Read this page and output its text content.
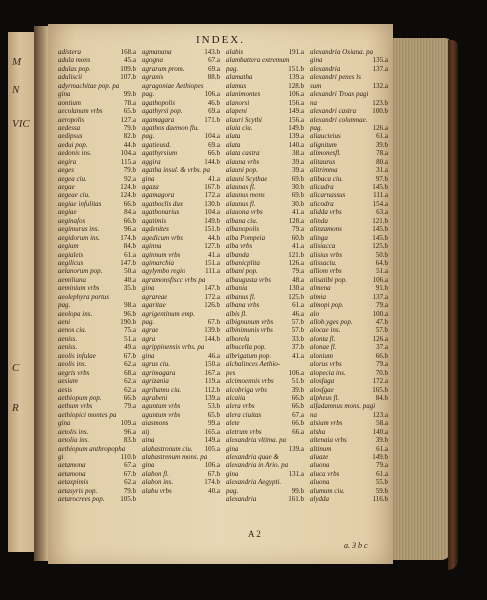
M
N
VIC
C
R
INDEX.
adistera	168.a
adula mons	45.a
adulas pop.	109.b
aduliscii	107.b
adyrmachitae pop. pa
gina	99.b
aontium	78.a
aecolanum vrbs	65.b
aeropolis	127.a
aedessa	79.b
aedipsus	82.b
aedui pop.	44.b
aedonis ins.	104.a
aegira	115.a
aeges	79.b
aegea ciu.	92.a
aegae	124.b
aegeae ciu.	124.b
aegiae infulitas	66.b
aegiae	84.a
aeginafos	66.b
aegimurus ins.	96.a
aegidorum ins.	174.b
aegium	84.b
aegialeis	61.a
aegilicus	147.b
aelanorum pop.	50.a
aemiliana	40.a
aeminium vrbs	35.b
aeolephyra portus
pag.	98.a
aeolopa ins.	96.b
aeni	190.b
aenos ciu.	75.a
aeniss.	51.a
aeniss.	49.a
aeolis infulae	67.b
aeolis ins.	62.a
aegris vrbs	68.a
aesium	62.a
aesis	62.a
aethiopum pop.	66.b
aethum vrbs	79.a
aethiopici montes pa
gina	109.a
aetolis ins.	96.a
aetolia ins.	83.b
aethiopum anthropopha
gi	110.b
aetamona	67.a
aetamona	67.b
aetaxpimis	62.a
aetasyris pop.	79.b
aetarocrees pop. 105.b
agmanana	143.b
agogna	67.a
agrarum prom.	69.a
agranis	88.b
agragoniae Aethiopes
pag.	106.a
agathopolis	46.b
agathyrsi pop.	69.a
agamagara	171.b
agathos daemon flu.
pag.	104.a
agatieusd.	69.a
agathyrsium	66.b
aggira	144.b
agatha insul. & vrbs. pa
gina	41.a
agaza	167.b
agamagora	172.a
agathoclis dux	130.b
agathonarius	104.a
agatimis	149.b
agdenites	151.b
agedicum vrbs	44.b
aginna	127.b
aginnum vrbs	41.a
agimarchia	151.a
agylymbo regio	111.a
agramonsfiscc vrbs pa
gina	147.b
agrareae	172.a
agaritae	126.b
agrigentinum emp.
pag.	67.b
agrae	139.b
agra	144.b
agrippinensis vrbs. pa
gina	46.a
agrus ciu.	150.a
agrimagara	167.a
agrizania	119.a
agrihamu ciu.	112.b
agrabeni	139.a
aguntum vrbs	53.b
aguntum vrbs	65.b
aiasmons	99.a
aij	165.a
aina	149.a
alabastronum ciu. 105.a
alabastrenum mons. pa
gina	106.a
alabon fl.	67.b
alabon ins.	174.b
alabu vrbs	40.a
alabis	191.a
alambattera extremum
pag.	151.b
alamatha	139.a
alamus	128.b
alanimontes	106.a
alanorsi	156.a
alapeni	149.a
alauri Scythi	156.a
alaia ciu.	149.b
alata	139.a
alata	140.a
alata castra	38.a
alauna vrbs	39.a
alauni pop.	39.a
alauni Scythae	69.b
alaunas fl.	30.b
alaunus mons	69.b
alaunus fl.	30.b
alauona vrbs	41.a
albana ciu.	128.a
albanopolis	79.a
alba Pompeia	60.b
alba vrbs	41.a
albanda	121.b
albanicplita	126.a
albani pop.	79.a
albaugusta vrbs	48.a
albania	130.a
albanus fl.	125.b
albana vrbs	61.a
albis fl.	46.a
albignunum vrbs	57.b
albinimunis vrbs	57.b
alborela	33.b
albucella pop.	37.b
albrigatum pop.	41.a
alchalinces Aethio-
pes	106.a
alcimoennis vrbs	51.b
alcobriga vrbs	39.b
alcaiia	66.b
alera vrbs	66.b
alera ciuitas	67.a
alete	66.b
aletrum vrbs	66.a
alexandria vltima. pa
gina	139.a
alexandria quae &
alexandria in Ario. pa
gina	131.a
alexandria Aegypti.
pag.	99.b
alexandria	161.b
alexandria Oxiana. pa
gina	135.a
alexandria	137.a
alexandri penes ls
sum	132.a
alexandri Troas pagi
na	123.b
alexandri castra 100.b
alexandri columnae.
pag.	126.a
aliaucteius	61.a
alignitum	39.b
alimonesfl.	78.a
alitaurus	80.a
alitrimma	31.a
alibaca ciu.	97.b
alicadra	145.b
alicarnassus	111.a
alicodra	154.a
alidda vrbs	63.a
alinda	121.b
alinzamons	145.b
alinga	145.b
alisiacca	125.b
alisius vrbs	50.b
alissaciu.	64.b
alliom vrbs	51.a
alisatibi pop.	106.a
almena	91.b
almia	137.a
almopi pop.	79.a
alo	100.a
allob.yges pop.	47.b
alocae ins.	57.b
alonta fl.	126.a
alonae fl.	37.a
alonium	66.b
alorus vrbs	79.a
alopecia ins.	70.b
alosfaga	172.a
alosfgae	165.b
alpheus fl.	84.b
alfadamnus mons. pagi
na	123.a
alsium vrbs	58.a
alsha	140.a
altenaia vrbs	39.b
altinum	61.a
aluaze	149.b
aluona	79.a
aluca vrbs	61.a
aluona	55.b
alumum ciu.	59.b
alydda	116.b
A 2
a. 3 b c
